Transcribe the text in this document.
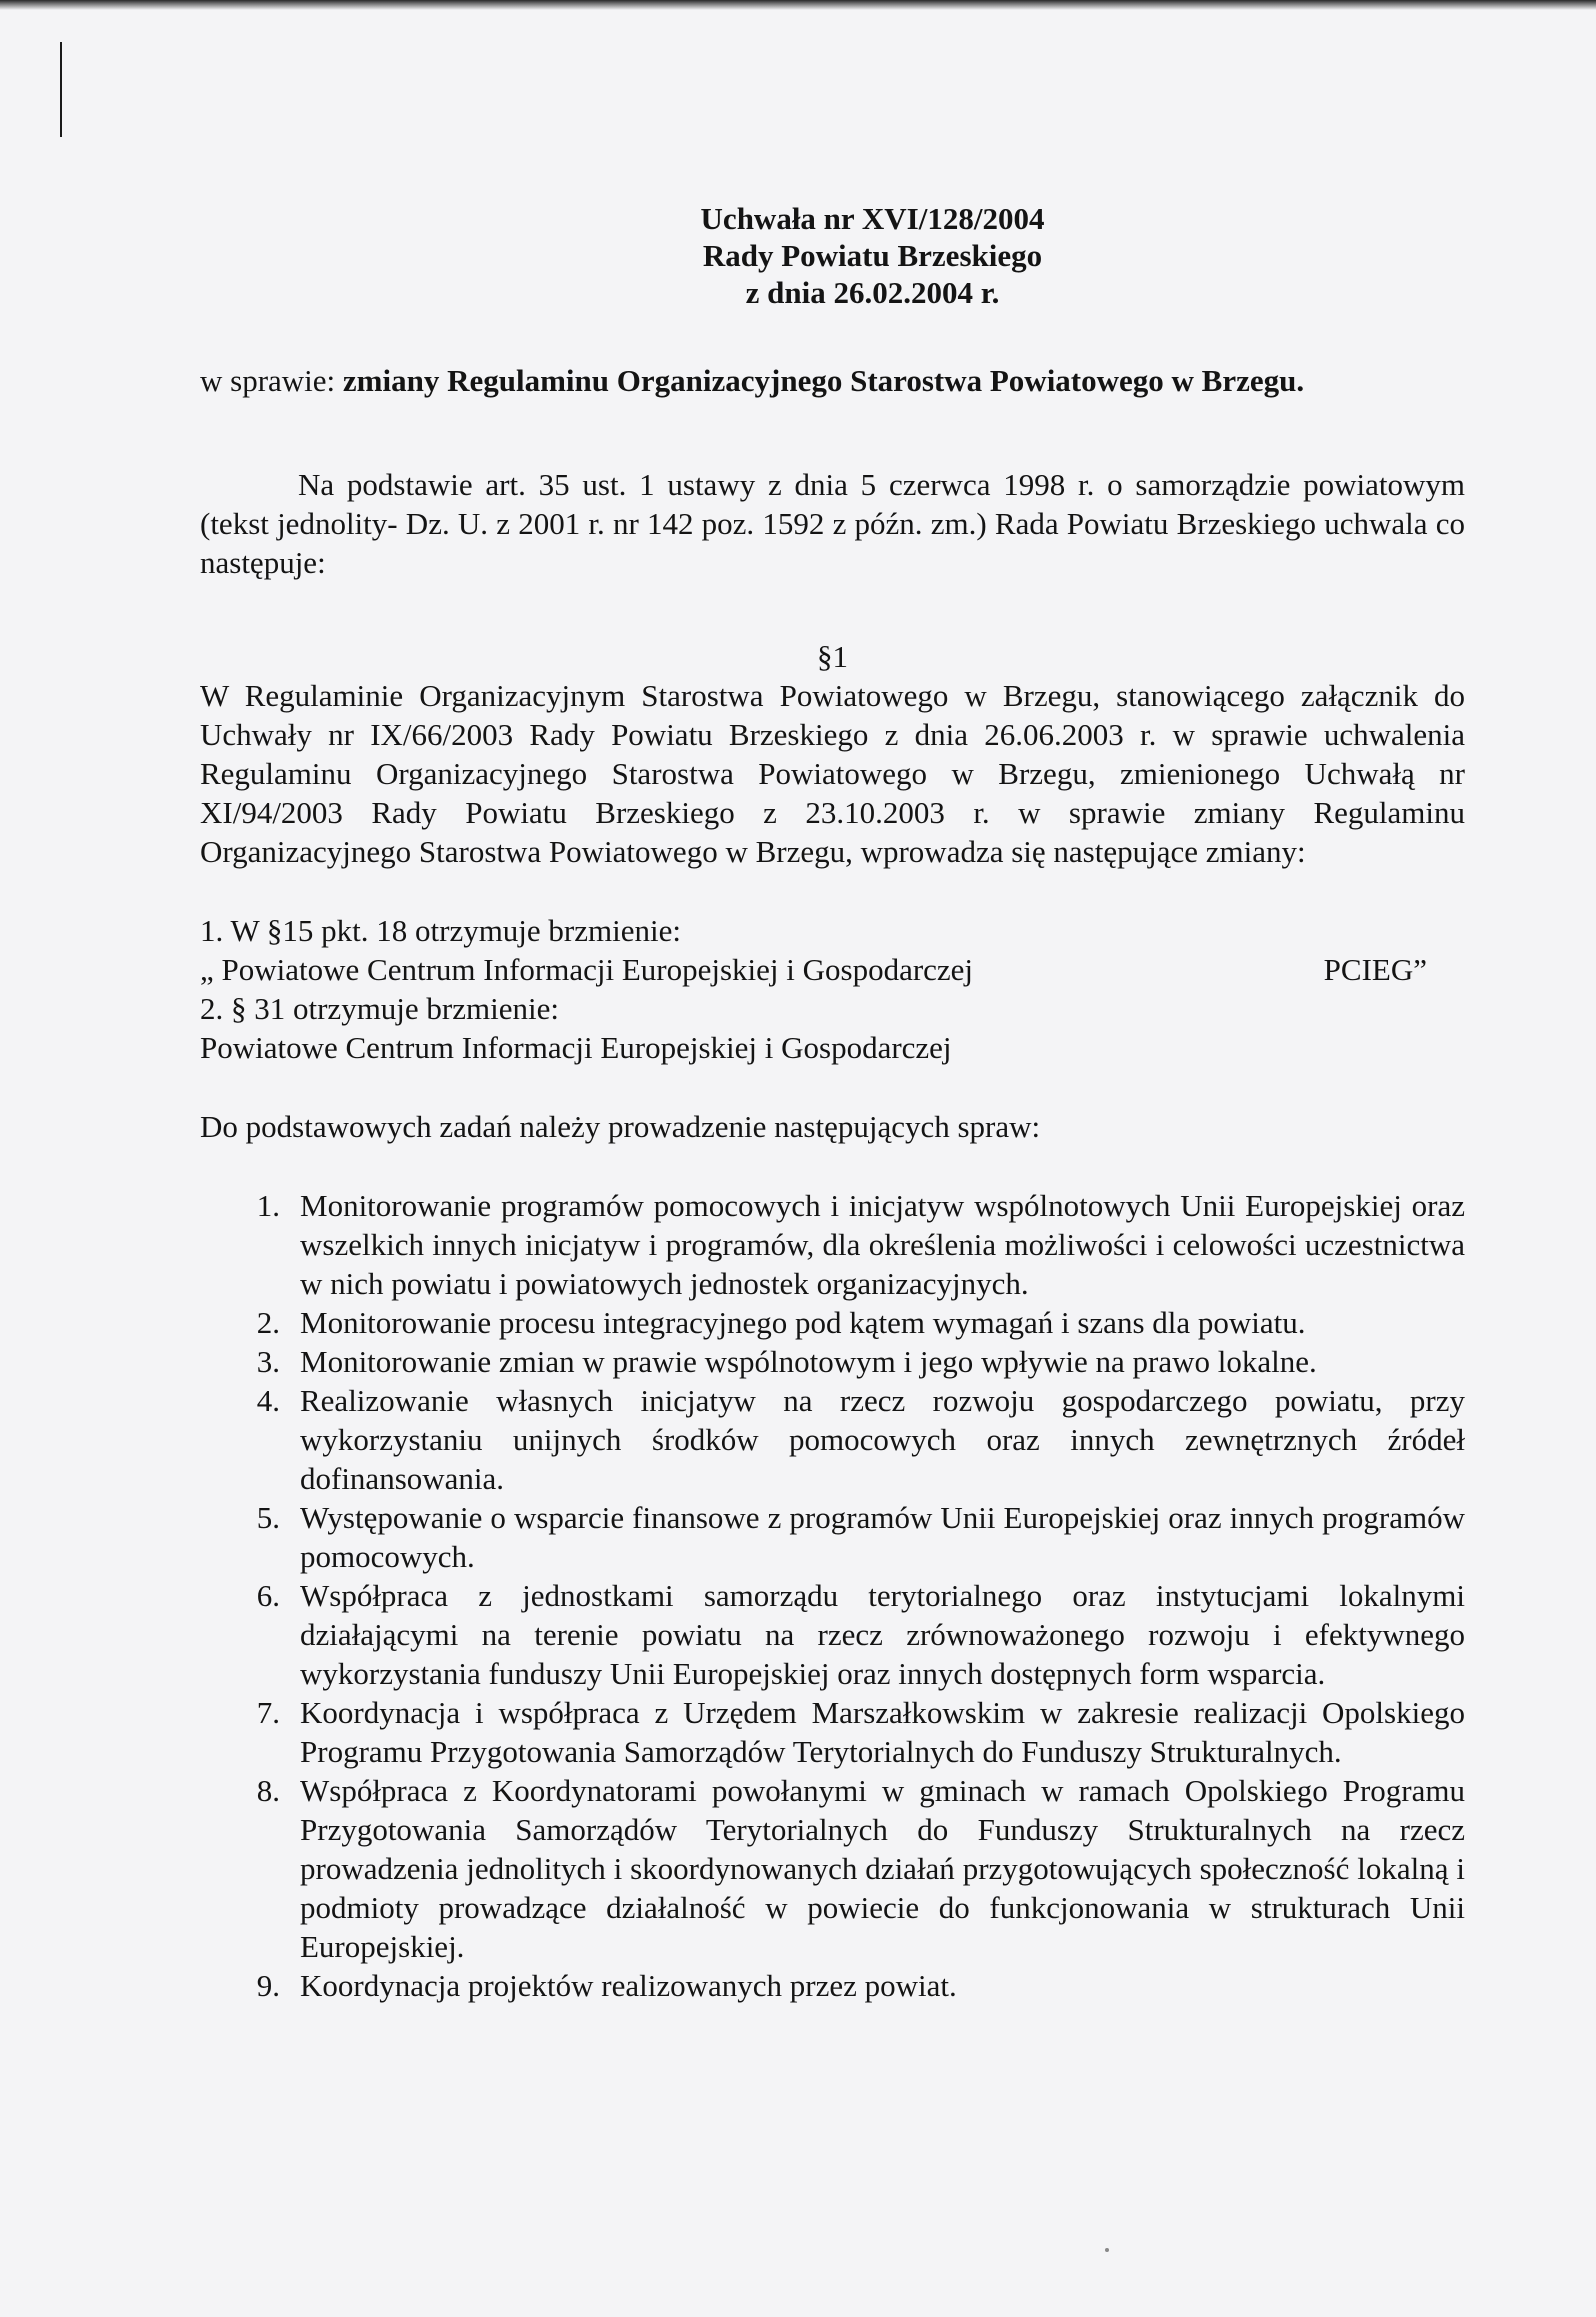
Uchwała nr XVI/128/2004
Rady Powiatu Brzeskiego
z dnia 26.02.2004 r.
w sprawie: zmiany Regulaminu Organizacyjnego Starostwa Powiatowego w Brzegu.
Na podstawie art. 35 ust. 1 ustawy z dnia 5 czerwca 1998 r. o samorządzie powiatowym (tekst jednolity- Dz. U. z 2001 r. nr 142 poz. 1592 z późn. zm.) Rada Powiatu Brzeskiego uchwala co następuje:
§1
W Regulaminie Organizacyjnym Starostwa Powiatowego w Brzegu, stanowiącego załącznik do Uchwały nr IX/66/2003 Rady Powiatu Brzeskiego z dnia 26.06.2003 r. w sprawie uchwalenia Regulaminu Organizacyjnego Starostwa Powiatowego w Brzegu, zmienionego Uchwałą nr XI/94/2003 Rady Powiatu Brzeskiego z 23.10.2003 r. w sprawie zmiany Regulaminu Organizacyjnego Starostwa Powiatowego w Brzegu, wprowadza się następujące zmiany:
1. W §15 pkt. 18 otrzymuje brzmienie:
„ Powiatowe Centrum Informacji Europejskiej i Gospodarczej	PCIEG”
2. § 31 otrzymuje brzmienie:
Powiatowe Centrum Informacji Europejskiej i Gospodarczej
Do podstawowych zadań należy prowadzenie następujących spraw:
1. Monitorowanie programów pomocowych i inicjatyw wspólnotowych Unii Europejskiej oraz wszelkich innych inicjatyw i programów, dla określenia możliwości i celowości uczestnictwa w nich powiatu i powiatowych jednostek organizacyjnych.
2. Monitorowanie procesu integracyjnego pod kątem wymagań i szans dla powiatu.
3. Monitorowanie zmian w prawie wspólnotowym i jego wpływie na prawo lokalne.
4. Realizowanie własnych inicjatyw na rzecz rozwoju gospodarczego powiatu, przy wykorzystaniu unijnych środków pomocowych oraz innych zewnętrznych źródeł dofinansowania.
5. Występowanie o wsparcie finansowe z programów Unii Europejskiej oraz innych programów pomocowych.
6. Współpraca z jednostkami samorządu terytorialnego oraz instytucjami lokalnymi działającymi na terenie powiatu na rzecz zrównoważonego rozwoju i efektywnego wykorzystania funduszy Unii Europejskiej oraz innych dostępnych form wsparcia.
7. Koordynacja i współpraca z Urzędem Marszałkowskim w zakresie realizacji Opolskiego Programu Przygotowania Samorządów Terytorialnych do Funduszy Strukturalnych.
8. Współpraca z Koordynatorami powołanymi w gminach w ramach Opolskiego Programu Przygotowania Samorządów Terytorialnych do Funduszy Strukturalnych na rzecz prowadzenia jednolitych i skoordynowanych działań przygotowujących społeczność lokalną i podmioty prowadzące działalność w powiecie do funkcjonowania w strukturach Unii Europejskiej.
9. Koordynacja projektów realizowanych przez powiat.
